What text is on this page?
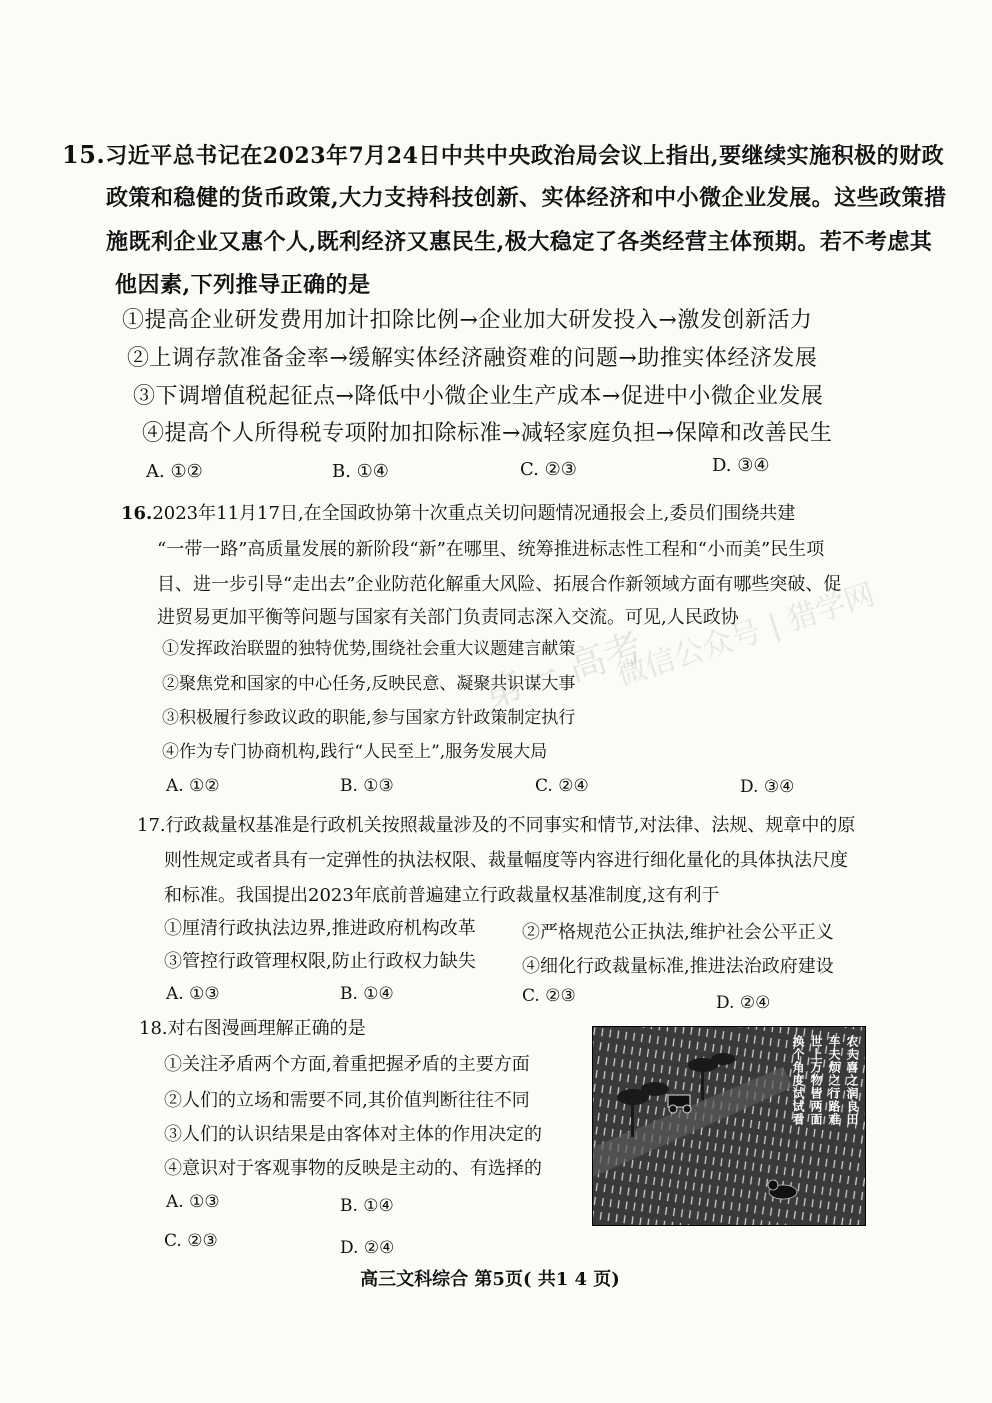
15.习近平总书记在2023年7月24日中共中央政治局会议上指出,要继续实施积极的财政
政策和稳健的货币政策,大力支持科技创新、实体经济和中小微企业发展。这些政策措
施既利企业又惠个人,既利经济又惠民生,极大稳定了各类经营主体预期。若不考虑其
他因素,下列推导正确的是
①提高企业研发费用加计扣除比例→企业加大研发投入→激发创新活力
②上调存款准备金率→缓解实体经济融资难的问题→助推实体经济发展
③下调增值税起征点→降低中小微企业生产成本→促进中小微企业发展
④提高个人所得税专项附加扣除标准→减轻家庭负担→保障和改善民生
A. ①②	B. ①④	C. ②③	D. ③④
16.2023年11月17日,在全国政协第十次重点关切问题情况通报会上,委员们围绕共建
“一带一路”高质量发展的新阶段“新”在哪里、统筹推进标志性工程和“小而美”民生项
目、进一步引导“走出去”企业防范化解重大风险、拓展合作新领域方面有哪些突破、促
进贸易更加平衡等问题与国家有关部门负责同志深入交流。可见,人民政协
①发挥政治联盟的独特优势,围绕社会重大议题建言献策
②聚焦党和国家的中心任务,反映民意、凝聚共识谋大事
③积极履行参政议政的职能,参与国家方针政策制定执行
④作为专门协商机构,践行“人民至上”,服务发展大局
A. ①②	B. ①③	C. ②④	D. ③④
17.行政裁量权基准是行政机关按照裁量涉及的不同事实和情节,对法律、法规、规章中的原
则性规定或者具有一定弹性的执法权限、裁量幅度等内容进行细化量化的具体执法尺度
和标准。我国提出2023年底前普遍建立行政裁量权基准制度,这有利于
①厘清行政执法边界,推进政府机构改革	②严格规范公正执法,维护社会公平正义
③管控行政管理权限,防止行政权力缺失	④细化行政裁量标准,推进法治政府建设
A. ①③	B. ①④	C. ②③	D. ②④
18.对右图漫画理解正确的是
①关注矛盾两个方面,着重把握矛盾的主要方面
②人们的立场和需要不同,其价值判断往往不同
③人们的认识结果是由客体对主体的作用决定的
④意识对于客观事物的反映是主动的、有选择的
A. ①③	B. ①④
C. ②③	D. ②④
农夫喜之润良田
车夫烦之行路难
世上万物皆两面
换个角度试试看
第一 高考
微信公众号 | 猎学网
高三文科综合 第5页( 共1 4 页)
